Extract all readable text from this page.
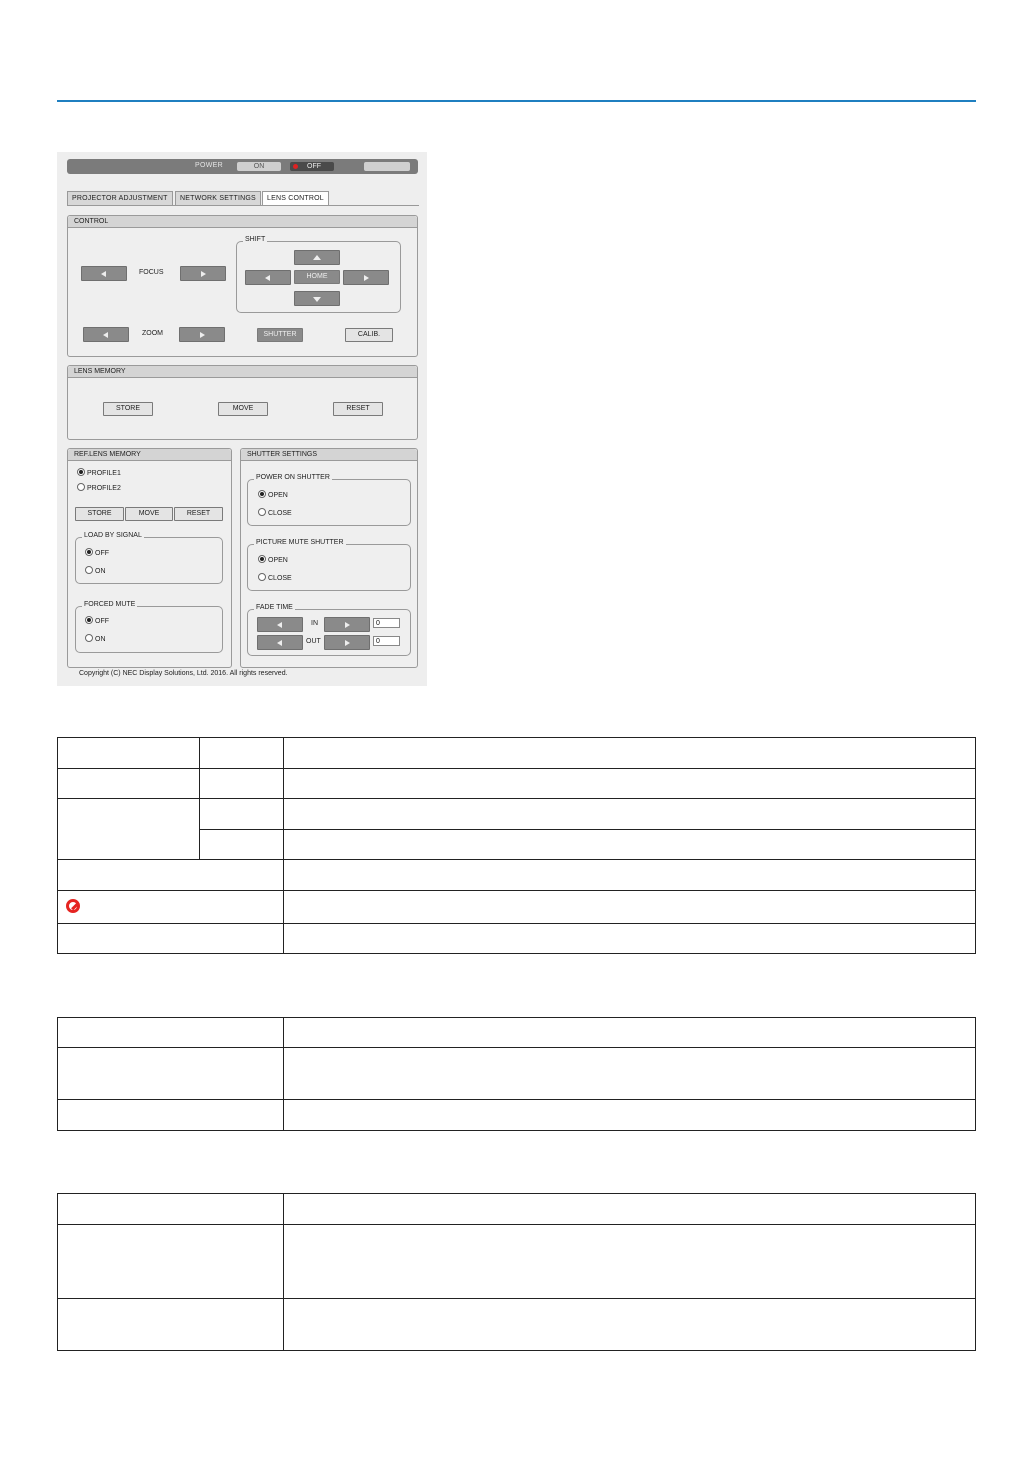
POWER	ON	OFF	LOGOFF
PROJECTOR ADJUSTMENT	NETWORK SETTINGS	LENS CONTROL
CONTROL
FOCUS
SHIFT
HOME
ZOOM	SHUTTER	CALIB.
LENS MEMORY
STORE	MOVE	RESET
REF.LENS MEMORY
PROFILE1
PROFILE2
STORE	MOVE	RESET
LOAD BY SIGNAL
OFF
ON
FORCED MUTE
OFF
ON
SHUTTER SETTINGS
POWER ON SHUTTER
OPEN
CLOSE
PICTURE MUTE SHUTTER
OPEN
CLOSE
FADE TIME
IN	0
OUT	0
Copyright (C) NEC Display Solutions, Ltd. 2016. All rights reserved.
